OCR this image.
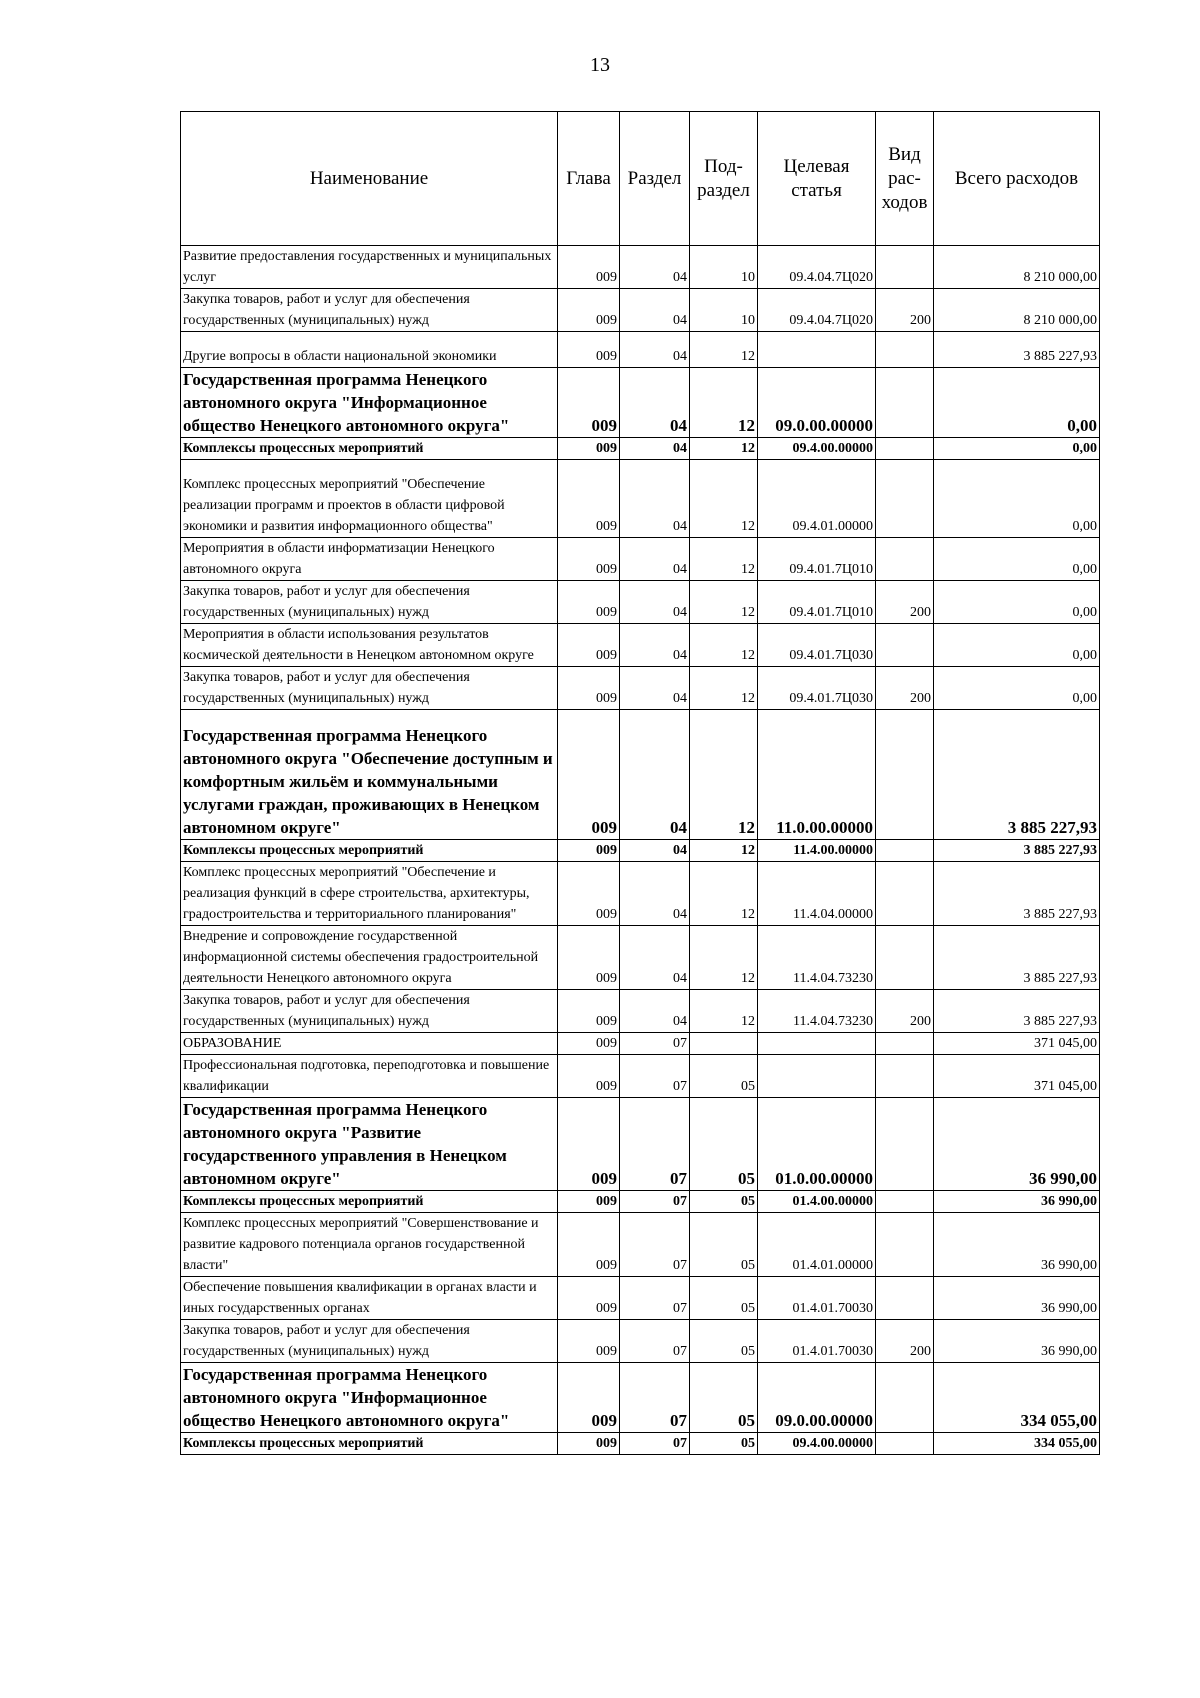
13
Наименование	Глава	Раздел	Под-раздел	Целевая статья	Вид рас-ходов	Всего расходов
Развитие предоставления государственных и муниципальных услуг	009	04	10	09.4.04.7Ц020		8 210 000,00
Закупка товаров, работ и услуг для обеспечения государственных (муниципальных) нужд	009	04	10	09.4.04.7Ц020	200	8 210 000,00
Другие вопросы в области национальной экономики	009	04	12			3 885 227,93
Государственная программа Ненецкого автономного округа "Информационное общество Ненецкого автономного округа"	009	04	12	09.0.00.00000		0,00
Комплексы процессных мероприятий	009	04	12	09.4.00.00000		0,00
Комплекс процессных мероприятий "Обеспечение реализации программ и проектов в области цифровой экономики и развития информационного общества"	009	04	12	09.4.01.00000		0,00
Мероприятия в области информатизации Ненецкого автономного округа	009	04	12	09.4.01.7Ц010		0,00
Закупка товаров, работ и услуг для обеспечения государственных (муниципальных) нужд	009	04	12	09.4.01.7Ц010	200	0,00
Мероприятия в области использования результатов космической деятельности в Ненецком автономном округе	009	04	12	09.4.01.7Ц030		0,00
Закупка товаров, работ и услуг для обеспечения государственных (муниципальных) нужд	009	04	12	09.4.01.7Ц030	200	0,00
Государственная программа Ненецкого автономного округа "Обеспечение доступным и комфортным жильём и коммунальными услугами граждан, проживающих в Ненецком автономном округе"	009	04	12	11.0.00.00000		3 885 227,93
Комплексы процессных мероприятий	009	04	12	11.4.00.00000		3 885 227,93
Комплекс процессных мероприятий "Обеспечение и реализация функций в сфере строительства, архитектуры, градостроительства и территориального планирования"	009	04	12	11.4.04.00000		3 885 227,93
Внедрение и сопровождение государственной информационной системы обеспечения градостроительной деятельности Ненецкого автономного округа	009	04	12	11.4.04.73230		3 885 227,93
Закупка товаров, работ и услуг для обеспечения государственных (муниципальных) нужд	009	04	12	11.4.04.73230	200	3 885 227,93
ОБРАЗОВАНИЕ	009	07				371 045,00
Профессиональная подготовка, переподготовка и повышение квалификации	009	07	05			371 045,00
Государственная программа Ненецкого автономного округа "Развитие государственного управления в Ненецком автономном округе"	009	07	05	01.0.00.00000		36 990,00
Комплексы процессных мероприятий	009	07	05	01.4.00.00000		36 990,00
Комплекс процессных мероприятий "Совершенствование и развитие кадрового потенциала органов государственной власти"	009	07	05	01.4.01.00000		36 990,00
Обеспечение повышения квалификации в органах власти и иных государственных органах	009	07	05	01.4.01.70030		36 990,00
Закупка товаров, работ и услуг для обеспечения государственных (муниципальных) нужд	009	07	05	01.4.01.70030	200	36 990,00
Государственная программа Ненецкого автономного округа "Информационное общество Ненецкого автономного округа"	009	07	05	09.0.00.00000		334 055,00
Комплексы процессных мероприятий	009	07	05	09.4.00.00000		334 055,00
